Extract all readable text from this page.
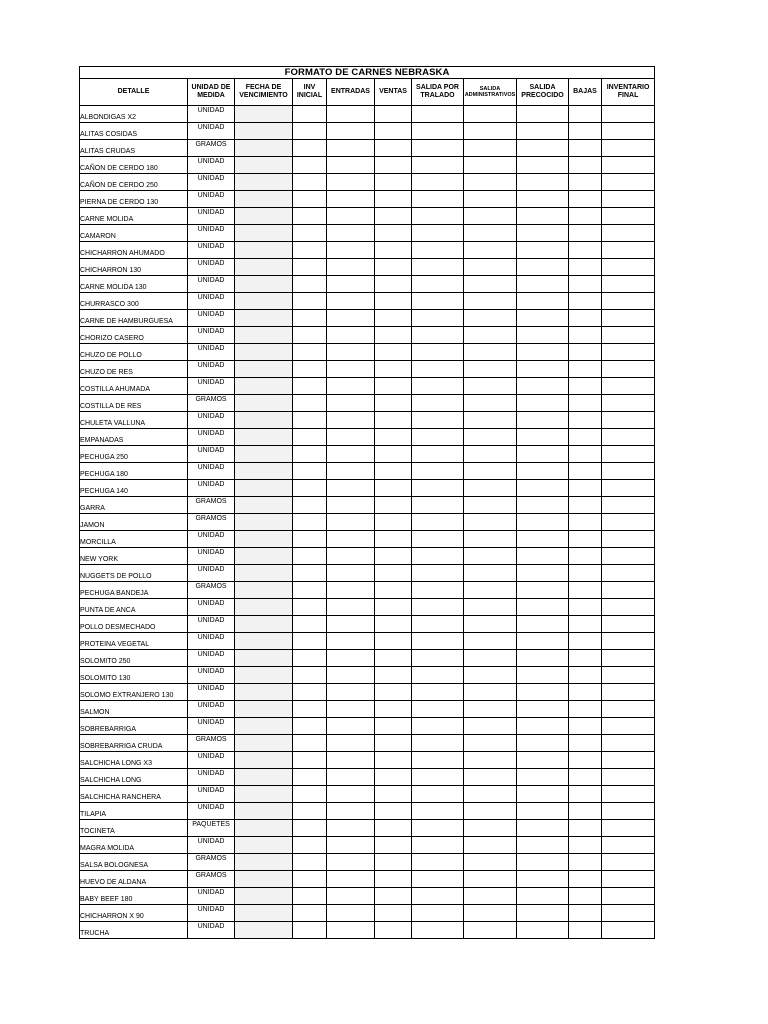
FORMATO DE CARNES NEBRASKA										
DETALLE	UNIDAD DE MEDIDA	FECHA DE VENCIMIENTO	INV INICIAL	ENTRADAS	VENTAS	SALIDA POR TRALADO	SALIDA ADMINISTRATIVOS	SALIDA PRECOCIDO	BAJAS	INVENTARIO FINAL
ALBONDIGAS X2	UNIDAD									
ALITAS COSIDAS	UNIDAD									
ALITAS CRUDAS	GRAMOS									
CAÑON DE CERDO 180	UNIDAD									
CAÑON DE CERDO 250	UNIDAD									
PIERNA DE CERDO 130	UNIDAD									
CARNE MOLIDA	UNIDAD									
CAMARON	UNIDAD									
CHICHARRON AHUMADO	UNIDAD									
CHICHARRON 130	UNIDAD									
CARNE MOLIDA 130	UNIDAD									
CHURRASCO 300	UNIDAD									
CARNE DE HAMBURGUESA	UNIDAD									
CHORIZO CASERO	UNIDAD									
CHUZO DE POLLO	UNIDAD									
CHUZO DE RES	UNIDAD									
COSTILLA AHUMADA	UNIDAD									
COSTILLA DE RES	GRAMOS									
CHULETA VALLUNA	UNIDAD									
EMPANADAS	UNIDAD									
PECHUGA 250	UNIDAD									
PECHUGA 180	UNIDAD									
PECHUGA 140	UNIDAD									
GARRA	GRAMOS									
JAMON	GRAMOS									
MORCILLA	UNIDAD									
NEW YORK	UNIDAD									
NUGGETS DE POLLO	UNIDAD									
PECHUGA BANDEJA	GRAMOS									
PUNTA DE ANCA	UNIDAD									
POLLO DESMECHADO	UNIDAD									
PROTEINA VEGETAL	UNIDAD									
SOLOMITO 250	UNIDAD									
SOLOMITO 130	UNIDAD									
SOLOMO EXTRANJERO 130	UNIDAD									
SALMON	UNIDAD									
SOBREBARRIGA	UNIDAD									
SOBREBARRIGA CRUDA	GRAMOS									
SALCHICHA LONG X3	UNIDAD									
SALCHICHA LONG	UNIDAD									
SALCHICHA RANCHERA	UNIDAD									
TILAPIA	UNIDAD									
TOCINETA	PAQUETES									
MAGRA MOLIDA	UNIDAD									
SALSA BOLOGNESA	GRAMOS									
HUEVO DE ALDANA	GRAMOS									
BABY BEEF 180	UNIDAD									
CHICHARRON X 90	UNIDAD									
TRUCHA	UNIDAD									
